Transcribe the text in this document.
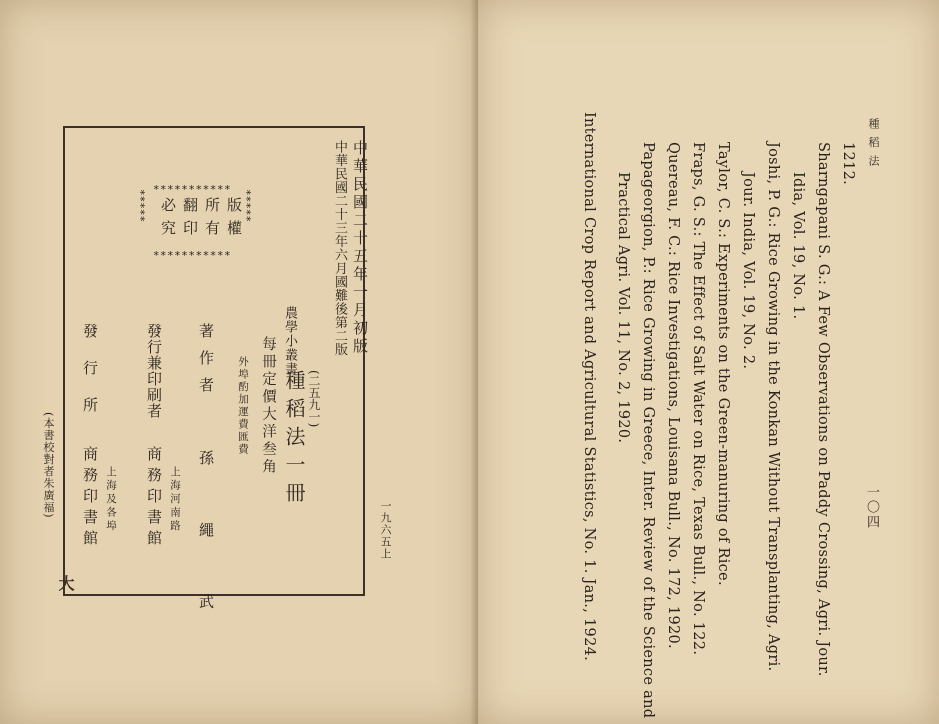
中華民國二十五年一月初版
中華民國二十三年六月國難後第二版
***********
*****	版權
所有
翻印
必究	*****
***********
農學小叢書
(二五九一)
種稻法一冊
每冊定價大洋叁角
外埠酌加運費匯費
著作者
孫 繩 武
發行兼印刷者
上海河南路
商務印書館
發行所
上海及各埠
商務印書館
(本書校對者朱廣福)
一九六五上
大
種 稻 法
一〇四
1212.
Sharngapani S. G.: A Few Observations on Paddy Crossing, Agri. Jour.
Idia, Vol. 19, No. 1.
Joshi, P. G.: Rice Growing in the Konkan Without Transplanting, Agri.
Jour. India, Vol. 19, No. 2.
Taylor, C. S.: Experiments on the Green-manuring of Rice.
Fraps, G. S.: The Effect of Salt Water on Rice, Texas Bull., No. 122.
Quereau, F. C.: Rice Investigations, Louisana Bull., No. 172, 1920.
Papageorgion, P.: Rice Growing in Greece, Inter. Review of the Science and
Practical Agri. Vol. 11, No. 2, 1920.
International Crop Report and Agricultural Statistics, No. 1. Jan., 1924.
